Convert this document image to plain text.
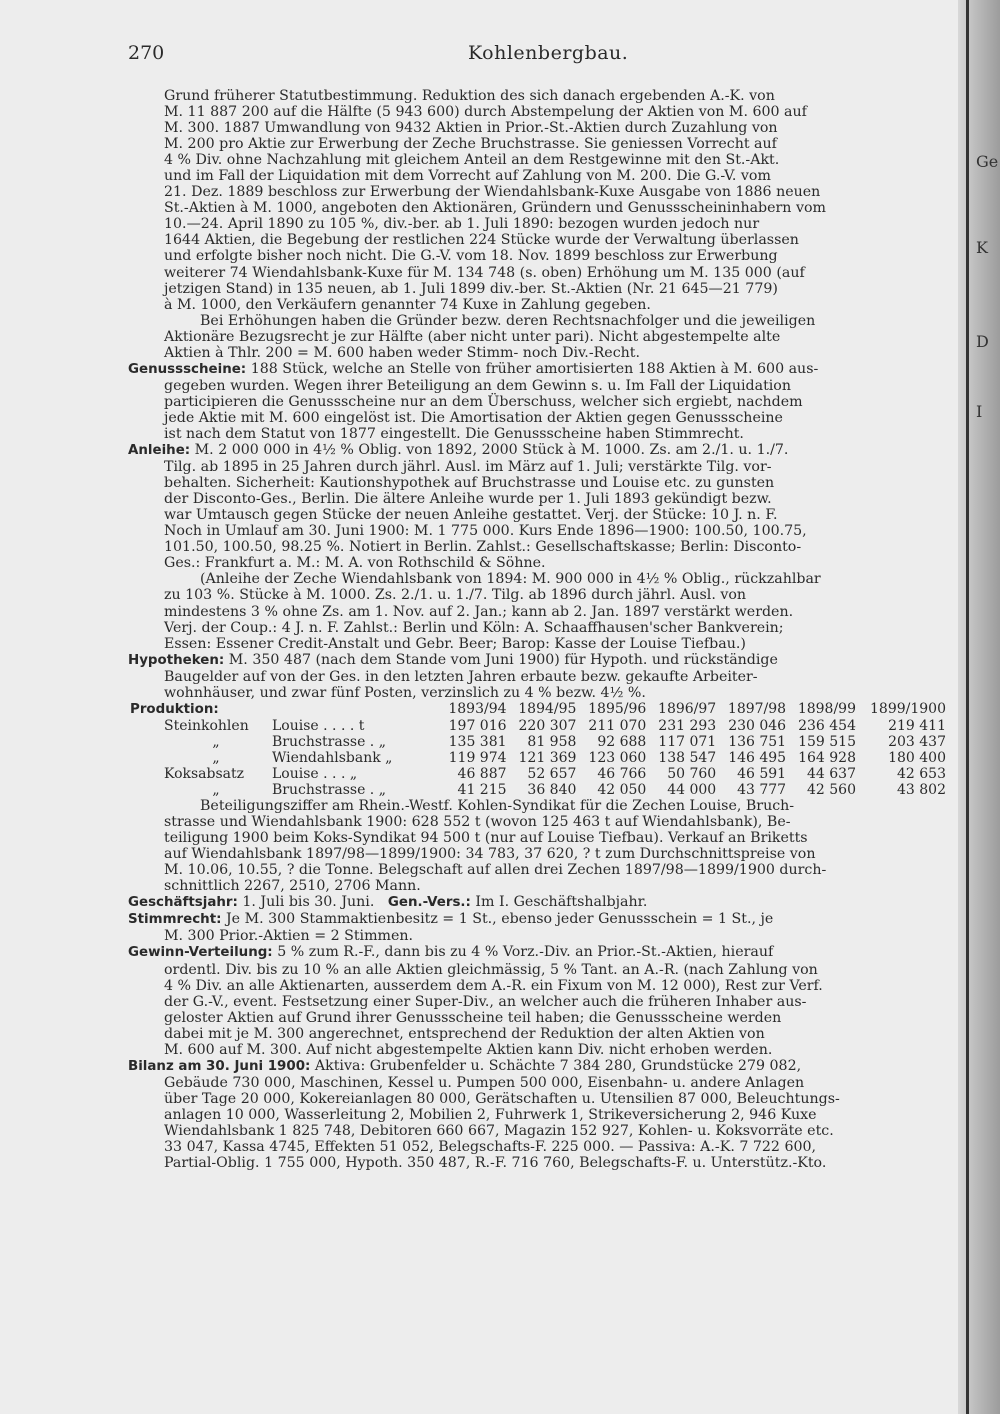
270	Kohlenbergbau.

Grund früherer Statutbestimmung. Reduktion des sich danach ergebenden A.-K. von

M. 11 887 200 auf die Hälfte (5 943 600) durch Abstempelung der Aktien von M. 600 auf

M. 300. 1887 Umwandlung von 9432 Aktien in Prior.-St.-Aktien durch Zuzahlung von

M. 200 pro Aktie zur Erwerbung der Zeche Bruchstrasse. Sie geniessen Vorrecht auf

4 % Div. ohne Nachzahlung mit gleichem Anteil an dem Restgewinne mit den St.-Akt.

und im Fall der Liquidation mit dem Vorrecht auf Zahlung von M. 200. Die G.-V. vom

21. Dez. 1889 beschloss zur Erwerbung der Wiendahlsbank-Kuxe Ausgabe von 1886 neuen

St.-Aktien à M. 1000, angeboten den Aktionären, Gründern und Genussscheininhabern vom

10.—24. April 1890 zu 105 %, div.-ber. ab 1. Juli 1890: bezogen wurden jedoch nur

1644 Aktien, die Begebung der restlichen 224 Stücke wurde der Verwaltung überlassen

und erfolgte bisher noch nicht. Die G.-V. vom 18. Nov. 1899 beschloss zur Erwerbung

weiterer 74 Wiendahlsbank-Kuxe für M. 134 748 (s. oben) Erhöhung um M. 135 000 (auf

jetzigen Stand) in 135 neuen, ab 1. Juli 1899 div.-ber. St.-Aktien (Nr. 21 645—21 779)

à M. 1000, den Verkäufern genannter 74 Kuxe in Zahlung gegeben.

Bei Erhöhungen haben die Gründer bezw. deren Rechtsnachfolger und die jeweiligen

Aktionäre Bezugsrecht je zur Hälfte (aber nicht unter pari). Nicht abgestempelte alte

Aktien à Thlr. 200 = M. 600 haben weder Stimm- noch Div.-Recht.

Genussscheine: 188 Stück, welche an Stelle von früher amortisierten 188 Aktien à M. 600 aus-

gegeben wurden. Wegen ihrer Beteiligung an dem Gewinn s. u. Im Fall der Liquidation

participieren die Genussscheine nur an dem Überschuss, welcher sich ergiebt, nachdem

jede Aktie mit M. 600 eingelöst ist. Die Amortisation der Aktien gegen Genussscheine

ist nach dem Statut von 1877 eingestellt. Die Genussscheine haben Stimmrecht.

Anleihe: M. 2 000 000 in 4½ % Oblig. von 1892, 2000 Stück à M. 1000. Zs. am 2./1. u. 1./7.

Tilg. ab 1895 in 25 Jahren durch jährl. Ausl. im März auf 1. Juli; verstärkte Tilg. vor-

behalten. Sicherheit: Kautionshypothek auf Bruchstrasse und Louise etc. zu gunsten

der Disconto-Ges., Berlin. Die ältere Anleihe wurde per 1. Juli 1893 gekündigt bezw.

war Umtausch gegen Stücke der neuen Anleihe gestattet. Verj. der Stücke: 10 J. n. F.

Noch in Umlauf am 30. Juni 1900: M. 1 775 000. Kurs Ende 1896—1900: 100.50, 100.75,

101.50, 100.50, 98.25 %. Notiert in Berlin. Zahlst.: Gesellschaftskasse; Berlin: Disconto-

Ges.: Frankfurt a. M.: M. A. von Rothschild & Söhne.

(Anleihe der Zeche Wiendahlsbank von 1894: M. 900 000 in 4½ % Oblig., rückzahlbar

zu 103 %. Stücke à M. 1000. Zs. 2./1. u. 1./7. Tilg. ab 1896 durch jährl. Ausl. von

mindestens 3 % ohne Zs. am 1. Nov. auf 2. Jan.; kann ab 2. Jan. 1897 verstärkt werden.

Verj. der Coup.: 4 J. n. F. Zahlst.: Berlin und Köln: A. Schaaffhausen'scher Bankverein;

Essen: Essener Credit-Anstalt und Gebr. Beer; Barop: Kasse der Louise Tiefbau.)

Hypotheken: M. 350 487 (nach dem Stande vom Juni 1900) für Hypoth. und rückständige

Baugelder auf von der Ges. in den letzten Jahren erbaute bezw. gekaufte Arbeiter-

wohnhäuser, und zwar fünf Posten, verzinslich zu 4 % bezw. 4½ %.

Produktion:		1893/94	1894/95	1895/96	1896/97	1897/98	1898/99	1899/1900
Steinkohlen	Louise . . . . t	197 016	220 307	211 070	231 293	230 046	236 454	219 411
„	Bruchstrasse . „	135 381	81 958	92 688	117 071	136 751	159 515	203 437
„	Wiendahlsbank „	119 974	121 369	123 060	138 547	146 495	164 928	180 400
Koksabsatz	Louise . . . „	46 887	52 657	46 766	50 760	46 591	44 637	42 653
„	Bruchstrasse . „	41 215	36 840	42 050	44 000	43 777	42 560	43 802

Beteiligungsziffer am Rhein.-Westf. Kohlen-Syndikat für die Zechen Louise, Bruch-

strasse und Wiendahlsbank 1900: 628 552 t (wovon 125 463 t auf Wiendahlsbank), Be-

teiligung 1900 beim Koks-Syndikat 94 500 t (nur auf Louise Tiefbau). Verkauf an Briketts

auf Wiendahlsbank 1897/98—1899/1900: 34 783, 37 620, ? t zum Durchschnittspreise von

M. 10.06, 10.55, ? die Tonne. Belegschaft auf allen drei Zechen 1897/98—1899/1900 durch-

schnittlich 2267, 2510, 2706 Mann.

Geschäftsjahr: 1. Juli bis 30. Juni. Gen.-Vers.: Im I. Geschäftshalbjahr.

Stimmrecht: Je M. 300 Stammaktienbesitz = 1 St., ebenso jeder Genussschein = 1 St., je

M. 300 Prior.-Aktien = 2 Stimmen.

Gewinn-Verteilung: 5 % zum R.-F., dann bis zu 4 % Vorz.-Div. an Prior.-St.-Aktien, hierauf

ordentl. Div. bis zu 10 % an alle Aktien gleichmässig, 5 % Tant. an A.-R. (nach Zahlung von

4 % Div. an alle Aktienarten, ausserdem dem A.-R. ein Fixum von M. 12 000), Rest zur Verf.

der G.-V., event. Festsetzung einer Super-Div., an welcher auch die früheren Inhaber aus-

geloster Aktien auf Grund ihrer Genussscheine teil haben; die Genussscheine werden

dabei mit je M. 300 angerechnet, entsprechend der Reduktion der alten Aktien von

M. 600 auf M. 300. Auf nicht abgestempelte Aktien kann Div. nicht erhoben werden.

Bilanz am 30. Juni 1900: Aktiva: Grubenfelder u. Schächte 7 384 280, Grundstücke 279 082,

Gebäude 730 000, Maschinen, Kessel u. Pumpen 500 000, Eisenbahn- u. andere Anlagen

über Tage 20 000, Kokereianlagen 80 000, Gerätschaften u. Utensilien 87 000, Beleuchtungs-

anlagen 10 000, Wasserleitung 2, Mobilien 2, Fuhrwerk 1, Strikeversicherung 2, 946 Kuxe

Wiendahlsbank 1 825 748, Debitoren 660 667, Magazin 152 927, Kohlen- u. Koksvorräte etc.

33 047, Kassa 4745, Effekten 51 052, Belegschafts-F. 225 000. — Passiva: A.-K. 7 722 600,

Partial-Oblig. 1 755 000, Hypoth. 350 487, R.-F. 716 760, Belegschafts-F. u. Unterstütz.-Kto.

Ge
K
D
I
